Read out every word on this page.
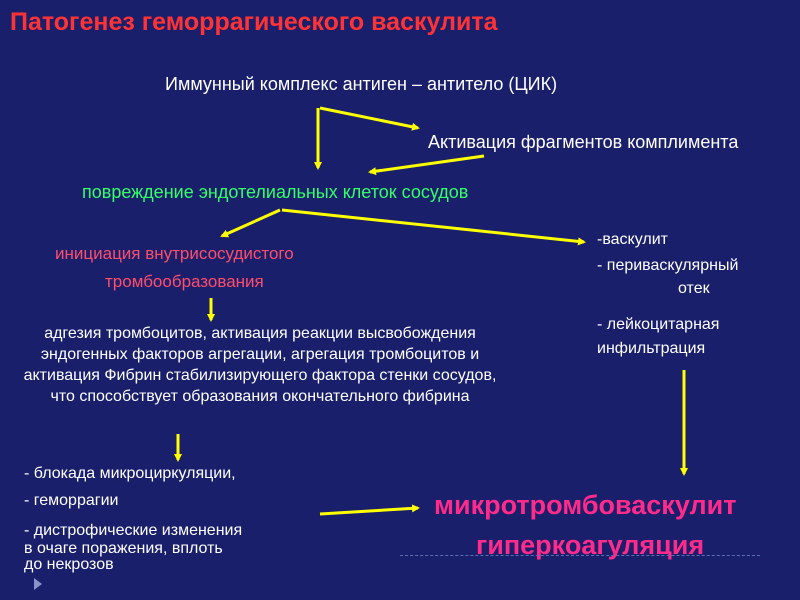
Патогенез геморрагического васкулита
Иммунный комплекс антиген – антитело (ЦИК)
Активация фрагментов комплимента
повреждение эндотелиальных клеток сосудов
инициация внутрисосудистого
тромбообразования
адгезия тромбоцитов, активация реакции высвобождения эндогенных факторов агрегации, агрегация тромбоцитов и активация Фибрин стабилизирующего фактора стенки сосудов, что способствует образования окончательного фибрина
-васкулит
- периваскулярный
отек
- лейкоцитарная
инфильтрация
- блокада микроциркуляции,
- геморрагии
- дистрофические изменения
в очаге поражения, вплоть
до некрозов
микротромбоваскулит
гиперкоагуляция
